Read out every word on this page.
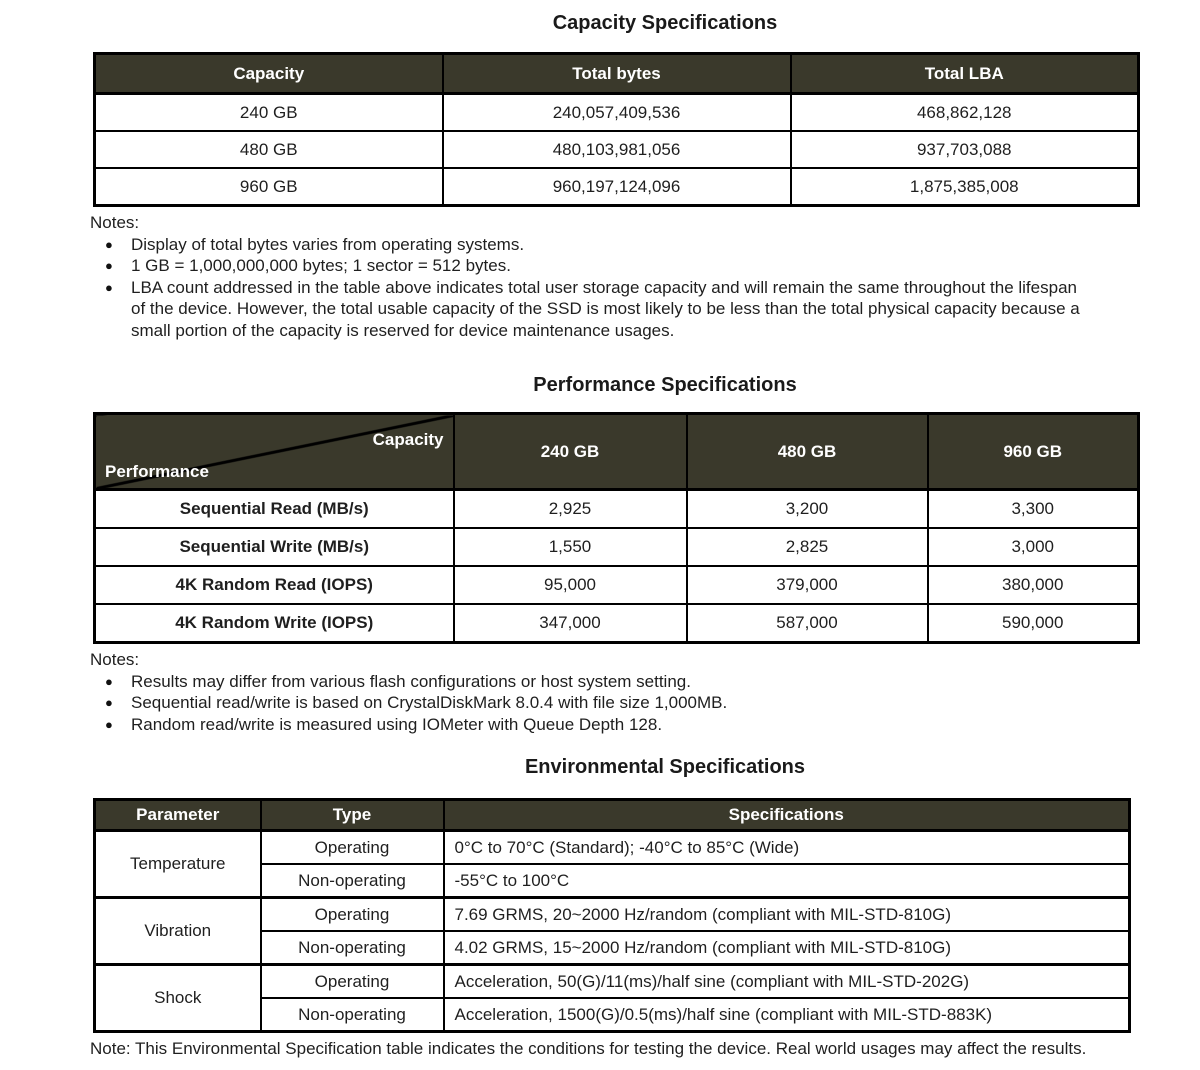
Capacity Specifications
Capacity	Total bytes	Total LBA
240 GB	240,057,409,536	468,862,128
480 GB	480,103,981,056	937,703,088
960 GB	960,197,124,096	1,875,385,008
Notes:
●	Display of total bytes varies from operating systems.
●	1 GB = 1,000,000,000 bytes; 1 sector = 512 bytes.
●	LBA count addressed in the table above indicates total user storage capacity and will remain the same throughout the lifespan of the device. However, the total usable capacity of the SSD is most likely to be less than the total physical capacity because a small portion of the capacity is reserved for device maintenance usages.
Performance Specifications
Capacity
Performance	240 GB	480 GB	960 GB
Sequential Read (MB/s)	2,925	3,200	3,300
Sequential Write (MB/s)	1,550	2,825	3,000
4K Random Read (IOPS)	95,000	379,000	380,000
4K Random Write (IOPS)	347,000	587,000	590,000
Notes:
●	Results may differ from various flash configurations or host system setting.
●	Sequential read/write is based on CrystalDiskMark 8.0.4 with file size 1,000MB.
●	Random read/write is measured using IOMeter with Queue Depth 128.
Environmental Specifications
Parameter	Type	Specifications
Temperature	Operating	0°C to 70°C (Standard); -40°C to 85°C (Wide)
	Non-operating	-55°C to 100°C
Vibration	Operating	7.69 GRMS, 20~2000 Hz/random (compliant with MIL-STD-810G)
	Non-operating	4.02 GRMS, 15~2000 Hz/random (compliant with MIL-STD-810G)
Shock	Operating	Acceleration, 50(G)/11(ms)/half sine (compliant with MIL-STD-202G)
	Non-operating	Acceleration, 1500(G)/0.5(ms)/half sine (compliant with MIL-STD-883K)

Note: This Environmental Specification table indicates the conditions for testing the device. Real world usages may affect the results.
